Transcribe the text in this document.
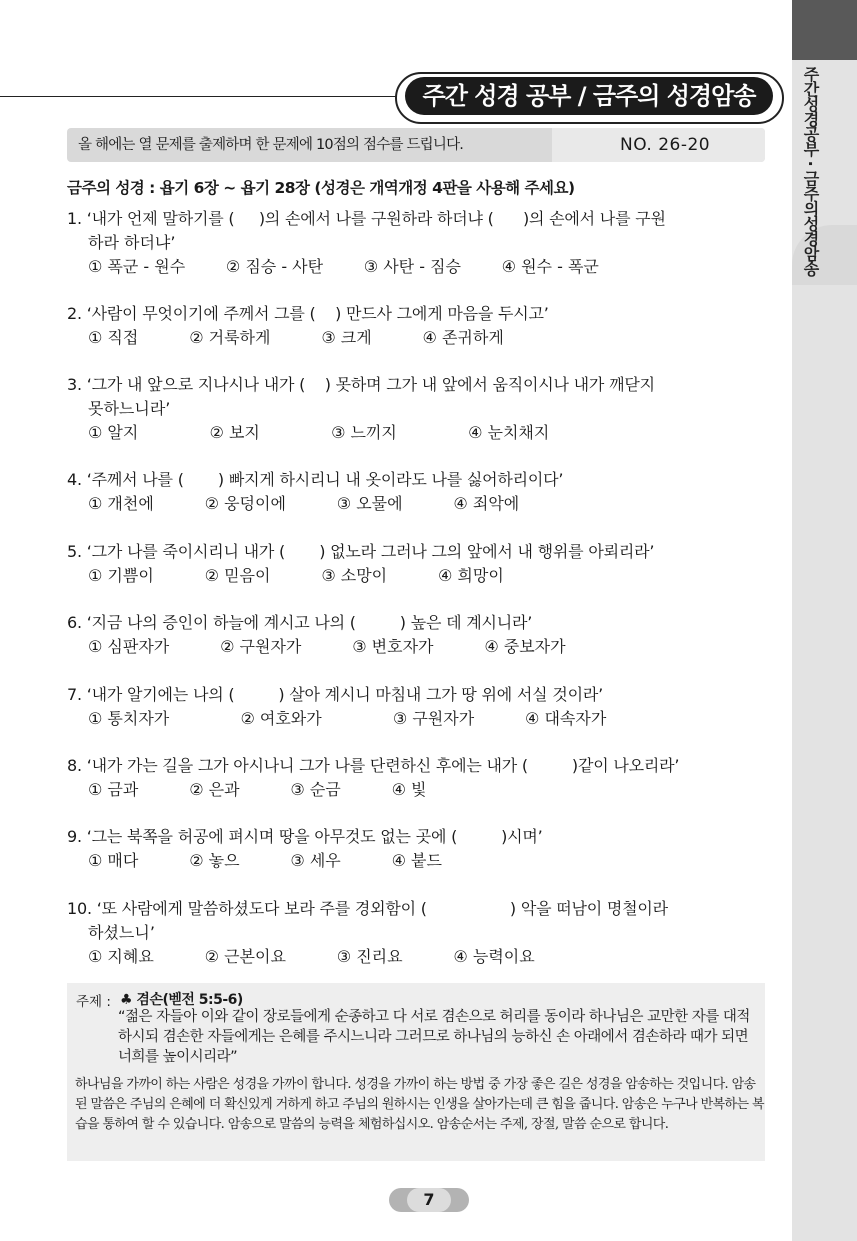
주간성경공부 · 금주의성경암송
주간 성경 공부 / 금주의 성경암송
올 해에는 열 문제를 출제하며 한 문제에 10점의 점수를 드립니다.	NO. 26-20
금주의 성경 : 욥기 6장 ~ 욥기 28장 (성경은 개역개정 4판을 사용해 주세요)
1. ‘내가 언제 말하기를 (     )의 손에서 나를 구원하라 하더냐 (      )의 손에서 나를 구원
하라 하더냐’
① 폭군 - 원수        ② 짐승 - 사탄        ③ 사탄 - 짐승        ④ 원수 - 폭군
2. ‘사람이 무엇이기에 주께서 그를 (    ) 만드사 그에게 마음을 두시고’
① 직접          ② 거룩하게          ③ 크게          ④ 존귀하게
3. ‘그가 내 앞으로 지나시나 내가 (    ) 못하며 그가 내 앞에서 움직이시나 내가 깨닫지
못하느니라’
① 알지              ② 보지              ③ 느끼지              ④ 눈치채지
4. ‘주께서 나를 (       ) 빠지게 하시리니 내 옷이라도 나를 싫어하리이다’
① 개천에          ② 웅덩이에          ③ 오물에          ④ 죄악에
5. ‘그가 나를 죽이시리니 내가 (       ) 없노라 그러나 그의 앞에서 내 행위를 아뢰리라’
① 기쁨이          ② 믿음이          ③ 소망이          ④ 희망이
6. ‘지금 나의 증인이 하늘에 계시고 나의 (         ) 높은 데 계시니라’
① 심판자가          ② 구원자가          ③ 변호자가          ④ 중보자가
7. ‘내가 알기에는 나의 (         ) 살아 계시니 마침내 그가 땅 위에 서실 것이라’
① 통치자가              ② 여호와가              ③ 구원자가          ④ 대속자가
8. ‘내가 가는 길을 그가 아시나니 그가 나를 단련하신 후에는 내가 (         )같이 나오리라’
① 금과          ② 은과          ③ 순금          ④ 빛
9. ‘그는 북쪽을 허공에 펴시며 땅을 아무것도 없는 곳에 (         )시며’
① 매다          ② 놓으          ③ 세우          ④ 붙드
10. ‘또 사람에게 말씀하셨도다 보라 주를 경외함이 (                 ) 악을 떠남이 명철이라
하셨느니’
① 지혜요          ② 근본이요          ③ 진리요          ④ 능력이요
주제 : ♣ 겸손(벧전 5:5-6)
“젊은 자들아 이와 같이 장로들에게 순종하고 다 서로 겸손으로 허리를 동이라 하나님은 교만한 자를 대적하시되 겸손한 자들에게는 은혜를 주시느니라 그러므로 하나님의 능하신 손 아래에서 겸손하라 때가 되면 너희를 높이시리라”
하나님을 가까이 하는 사람은 성경을 가까이 합니다. 성경을 가까이 하는 방법 중 가장 좋은 길은 성경을 암송하는 것입니다. 암송된 말씀은 주님의 은혜에 더 확신있게 거하게 하고 주님의 원하시는 인생을 살아가는데 큰 힘을 줍니다. 암송은 누구나 반복하는 복습을 통하여 할 수 있습니다. 암송으로 말씀의 능력을 체험하십시오. 암송순서는 주제, 장절, 말씀 순으로 합니다.
7
